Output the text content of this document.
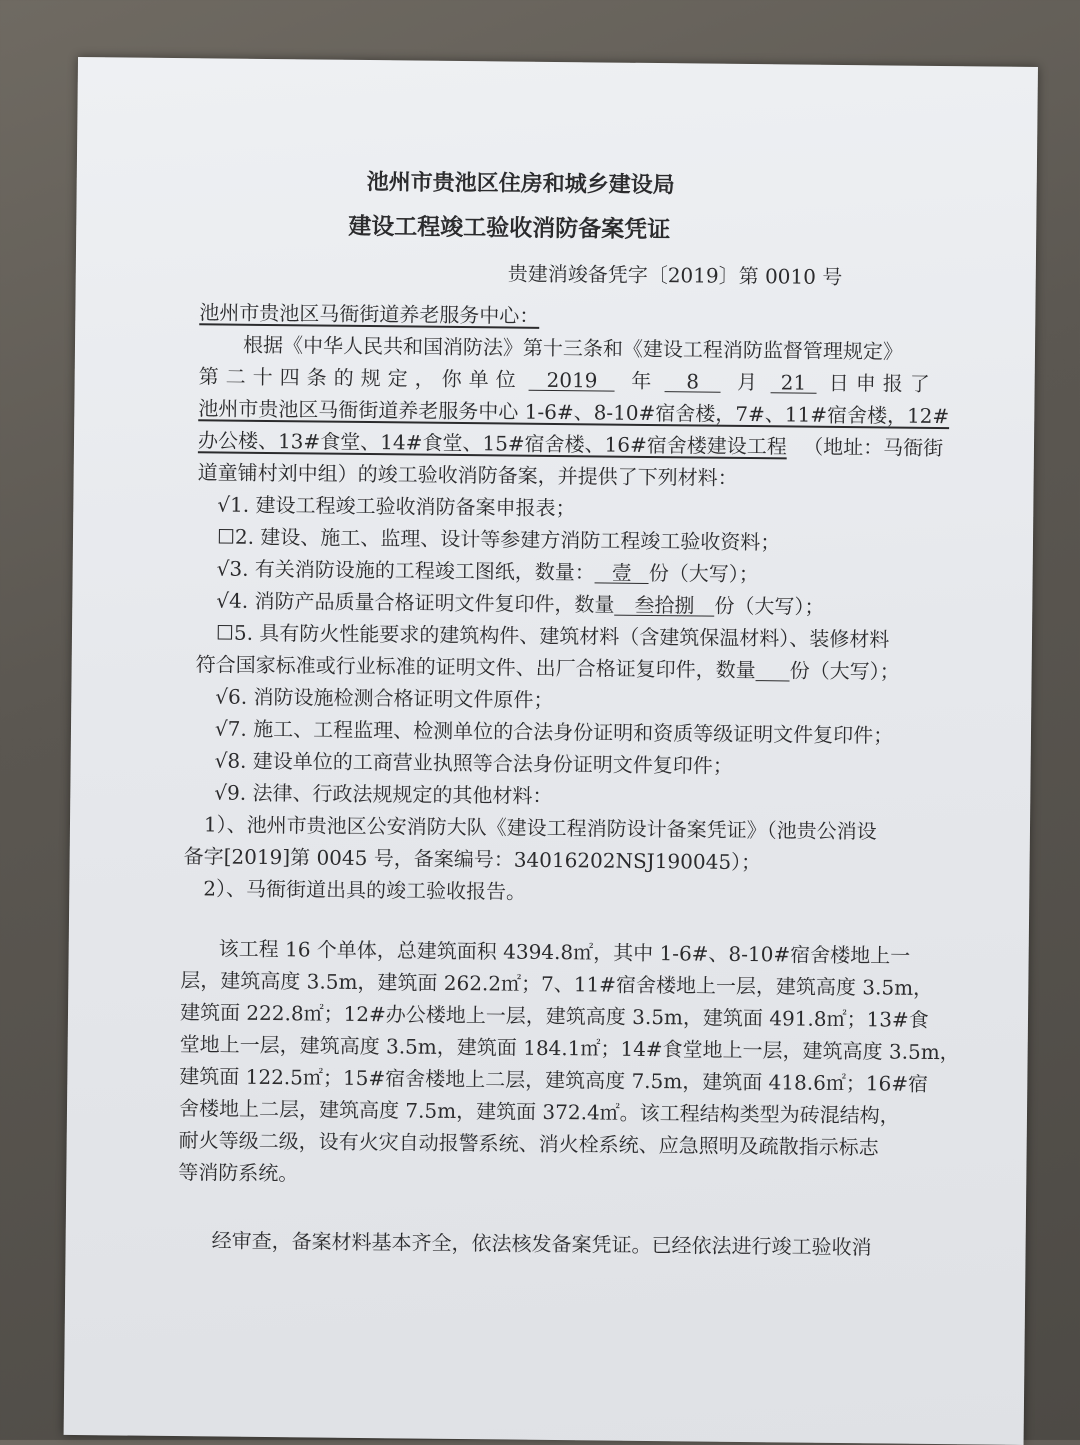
池州市贵池区住房和城乡建设局
建设工程竣工验收消防备案凭证
贵建消竣备凭字〔2019〕第 0010 号
池州市贵池区马衙街道养老服务中心：
根据《中华人民共和国消防法》第十三条和《建设工程消防监督管理规定》
第二十四条的规定，你单位 2019 年 8 月 21 日申报了
池州市贵池区马衙街道养老服务中心 1-6#、8-10#宿舍楼，7#、11#宿舍楼，12#
办公楼、13#食堂、14#食堂、15#宿舍楼、16#宿舍楼建设工程 （地址：马衙街
道童铺村刘中组）的竣工验收消防备案，并提供了下列材料：
√1. 建设工程竣工验收消防备案申报表；
☐2. 建设、施工、监理、设计等参建方消防工程竣工验收资料；
√3. 有关消防设施的工程竣工图纸，数量： 壹 份（大写）；
√4. 消防产品质量合格证明文件复印件，数量 叁拾捌 份（大写）；
☐5. 具有防火性能要求的建筑构件、建筑材料（含建筑保温材料）、装修材料
符合国家标准或行业标准的证明文件、出厂合格证复印件，数量 份（大写）；
√6. 消防设施检测合格证明文件原件；
√7. 施工、工程监理、检测单位的合法身份证明和资质等级证明文件复印件；
√8. 建设单位的工商营业执照等合法身份证明文件复印件；
√9. 法律、行政法规规定的其他材料：
1）、池州市贵池区公安消防大队《建设工程消防设计备案凭证》（池贵公消设
备字[2019]第 0045 号，备案编号：34016202NSJ190045）；
2）、马衙街道出具的竣工验收报告。
该工程 16 个单体，总建筑面积 4394.8㎡，其中 1-6#、8-10#宿舍楼地上一
层，建筑高度 3.5m，建筑面 262.2㎡；7、11#宿舍楼地上一层，建筑高度 3.5m，
建筑面 222.8㎡；12#办公楼地上一层，建筑高度 3.5m，建筑面 491.8㎡；13#食
堂地上一层，建筑高度 3.5m，建筑面 184.1㎡；14#食堂地上一层，建筑高度 3.5m，
建筑面 122.5㎡；15#宿舍楼地上二层，建筑高度 7.5m，建筑面 418.6㎡；16#宿
舍楼地上二层，建筑高度 7.5m，建筑面 372.4㎡。该工程结构类型为砖混结构，
耐火等级二级，设有火灾自动报警系统、消火栓系统、应急照明及疏散指示标志
等消防系统。
经审查，备案材料基本齐全，依法核发备案凭证。已经依法进行竣工验收消
